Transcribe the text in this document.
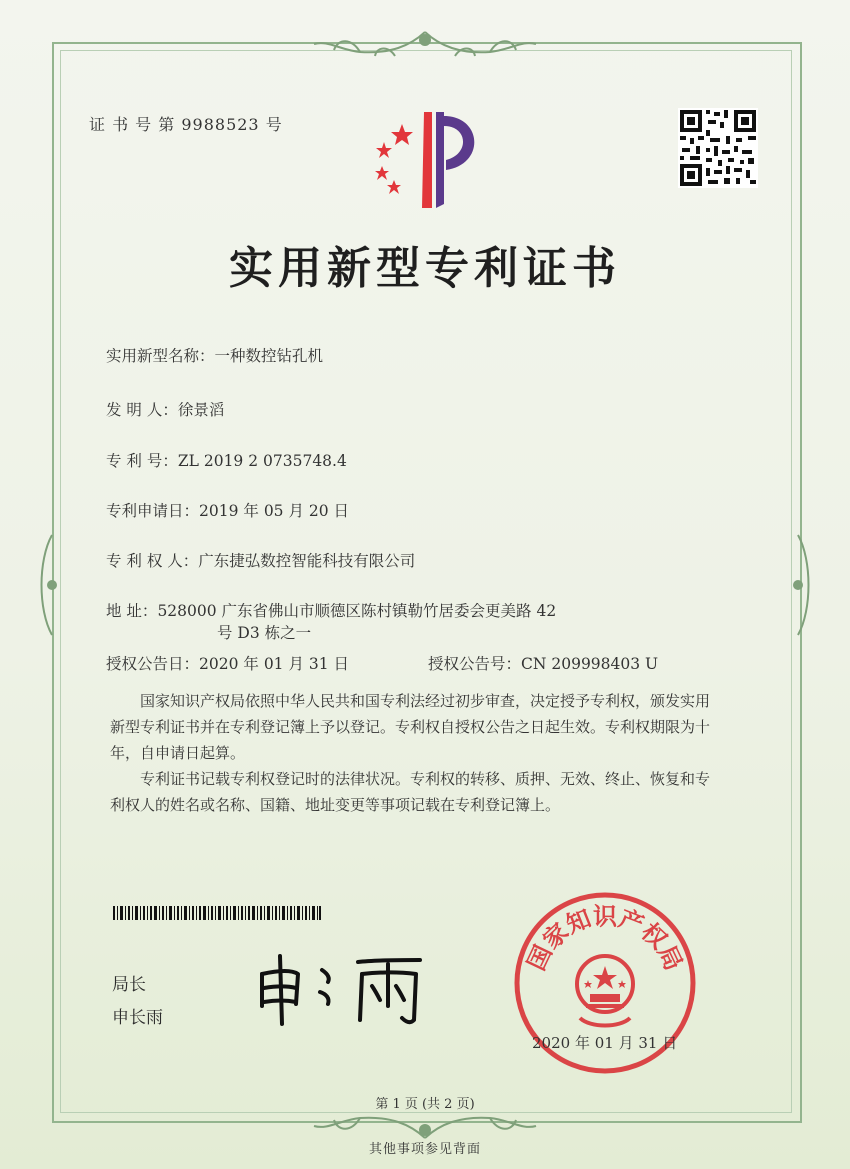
证 书 号 第 9988523 号
实用新型专利证书
实用新型名称：一种数控钻孔机
发 明 人：徐景滔
专 利 号：ZL 2019 2 0735748.4
专利申请日：2019 年 05 月 20 日
专 利 权 人：广东捷弘数控智能科技有限公司
地 址：528000 广东省佛山市顺德区陈村镇勒竹居委会更美路 42
号 D3 栋之一
授权公告日：2020 年 01 月 31 日	授权公告号：CN 209998403 U
国家知识产权局依照中华人民共和国专利法经过初步审查，决定授予专利权，颁发实用
新型专利证书并在专利登记簿上予以登记。专利权自授权公告之日起生效。专利权期限为十
年，自申请日起算。
专利证书记载专利权登记时的法律状况。专利权的转移、质押、无效、终止、恢复和专
利权人的姓名或名称、国籍、地址变更等事项记载在专利登记簿上。
局长
申长雨
国家知识产权局
2020 年 01 月 31 日
第 1 页 (共 2 页)
其他事项参见背面
